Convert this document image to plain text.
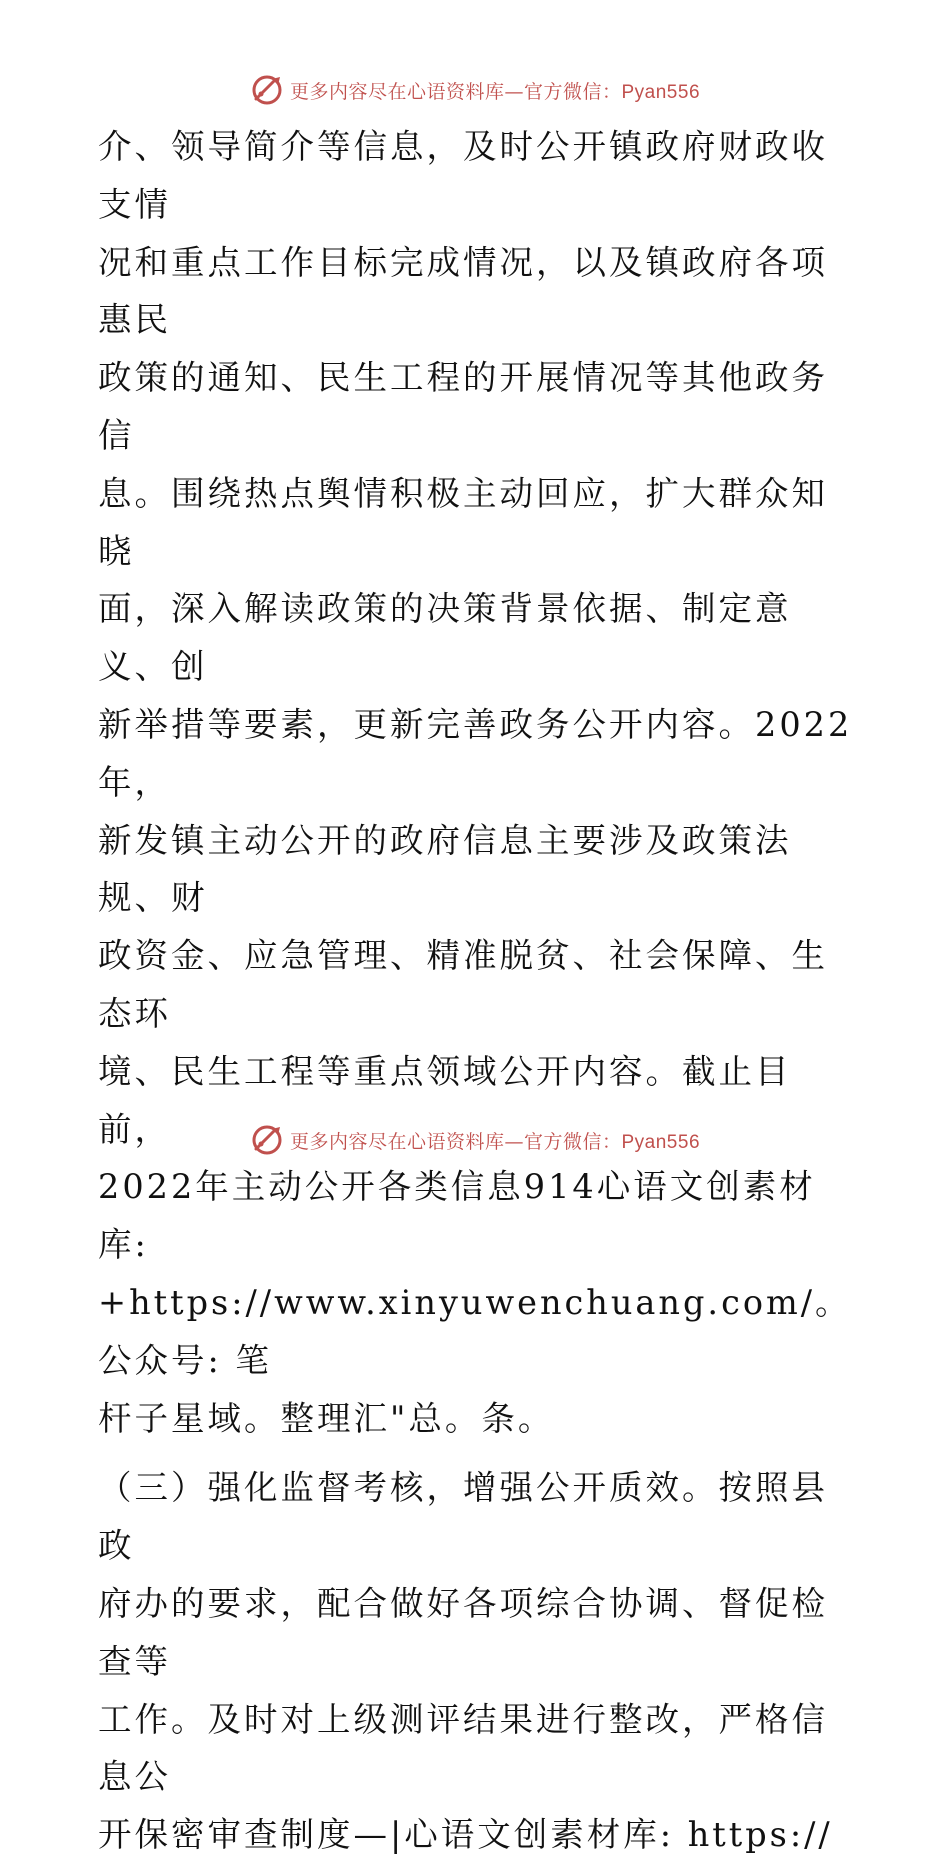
更多内容尽在心语资料库—官方微信：Pyan556

介、领导简介等信息，及时公开镇政府财政收支情
况和重点工作目标完成情况，以及镇政府各项惠民
政策的通知、民生工程的开展情况等其他政务信
息。围绕热点舆情积极主动回应，扩大群众知晓
面，深入解读政策的决策背景依据、制定意义、创
新举措等要素，更新完善政务公开内容。2022年，
新发镇主动公开的政府信息主要涉及政策法规、财
政资金、应急管理、精准脱贫、社会保障、生态环
境、民生工程等重点领域公开内容。截止目前，
2022年主动公开各类信息914心语文创素材库:
+https://www.xinyuwenchuang.com/。公众号: 笔
杆子星域。整理汇"总。条。

（三）强化监督考核，增强公开质效。按照县政
府办的要求，配合做好各项综合协调、督促检查等
工作。及时对上级测评结果进行整改，严格信息公
开保密审查制度—|心语文创素材库: https://

更多内容尽在心语资料库—官方微信：Pyan556
